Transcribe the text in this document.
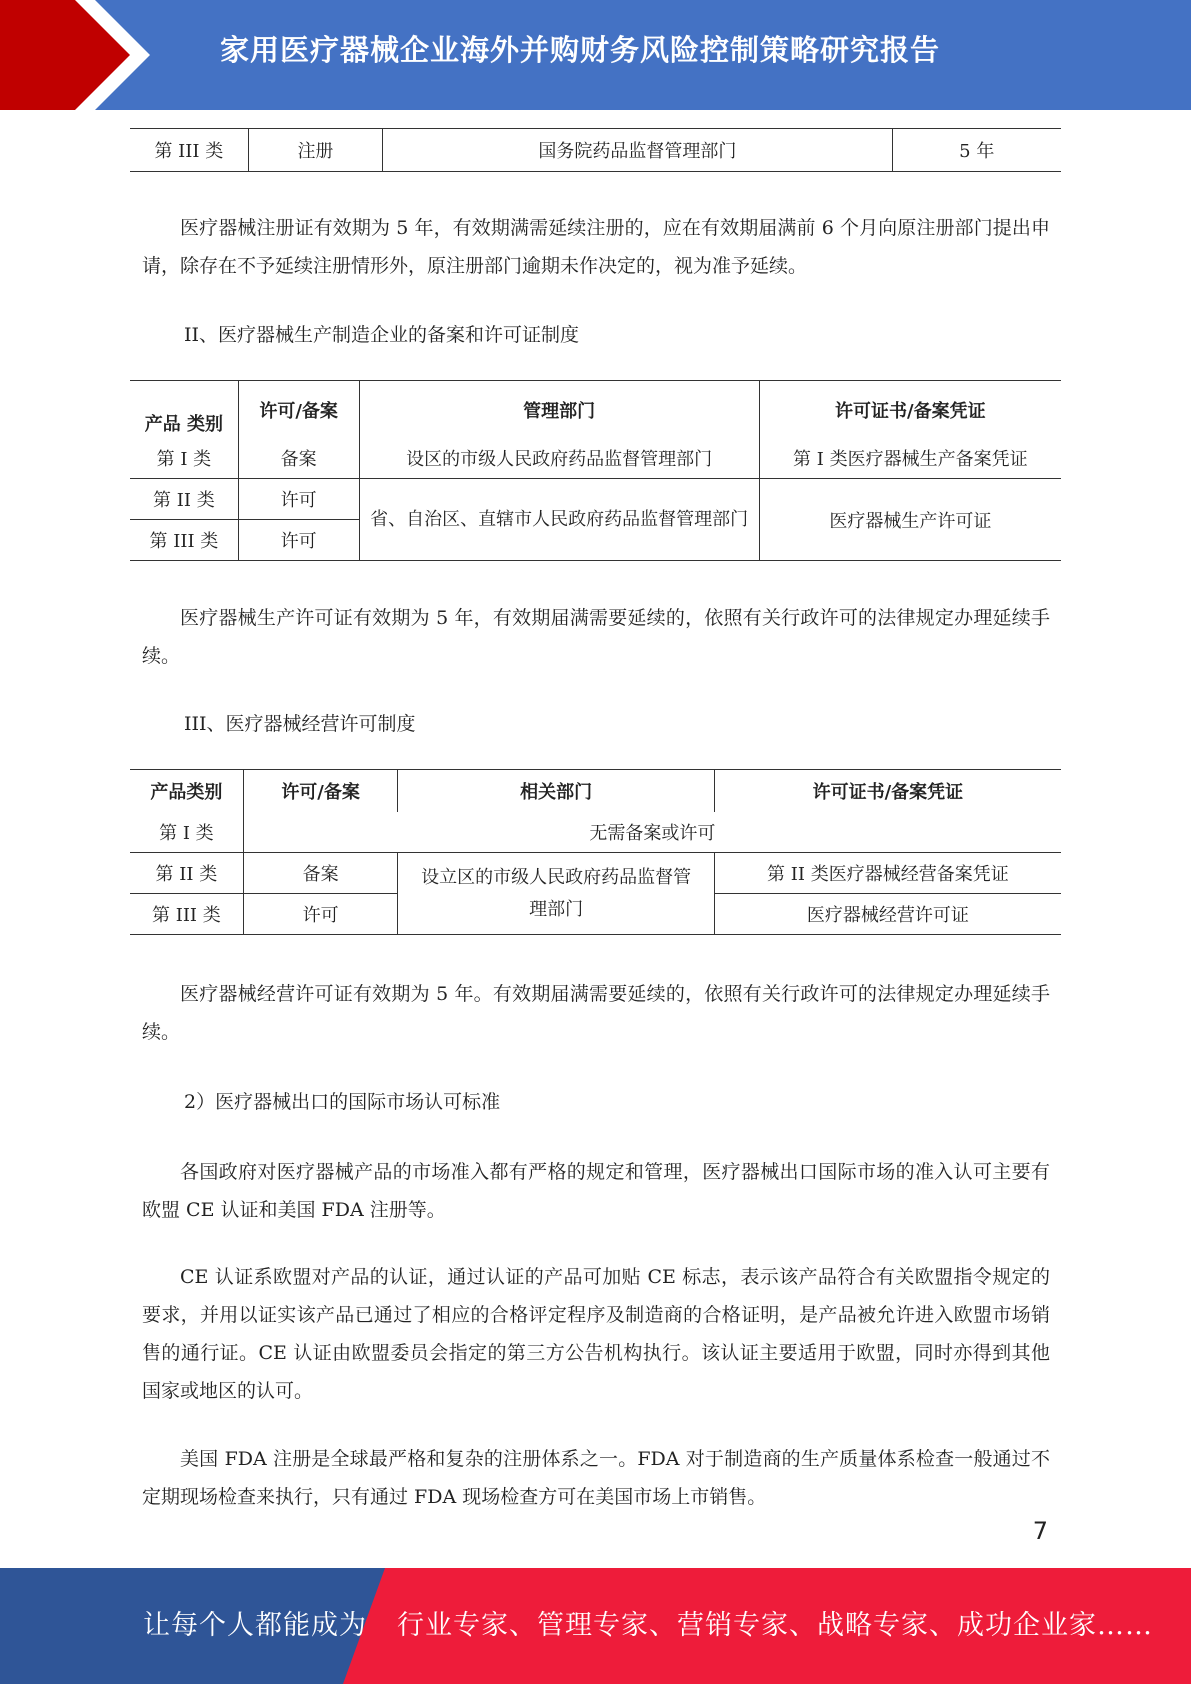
家用医疗器械企业海外并购财务风险控制策略研究报告
第 III 类	注册	国务院药品监督管理部门	5 年

医疗器械注册证有效期为 5 年，有效期满需延续注册的，应在有效期届满前 6 个月向原注册部门提出申请，除存在不予延续注册情形外，原注册部门逾期未作决定的，视为准予延续。

II、医疗器械生产制造企业的备案和许可证制度

产品 类别	许可/备案	管理部门	许可证书/备案凭证
第 I 类	备案	设区的市级人民政府药品监督管理部门	第 I 类医疗器械生产备案凭证
第 II 类	许可	省、自治区、直辖市人民政府药品监督管理部门	医疗器械生产许可证
第 III 类	许可		

医疗器械生产许可证有效期为 5 年，有效期届满需要延续的，依照有关行政许可的法律规定办理延续手续。

III、医疗器械经营许可制度

产品类别	许可/备案	相关部门	许可证书/备案凭证
第 I 类	无需备案或许可		
第 II 类	备案	设立区的市级人民政府药品监督管理部门	第 II 类医疗器械经营备案凭证
第 III 类	许可		医疗器械经营许可证

医疗器械经营许可证有效期为 5 年。有效期届满需要延续的，依照有关行政许可的法律规定办理延续手续。

2）医疗器械出口的国际市场认可标准

各国政府对医疗器械产品的市场准入都有严格的规定和管理，医疗器械出口国际市场的准入认可主要有欧盟 CE 认证和美国 FDA 注册等。

CE 认证系欧盟对产品的认证，通过认证的产品可加贴 CE 标志，表示该产品符合有关欧盟指令规定的要求，并用以证实该产品已通过了相应的合格评定程序及制造商的合格证明，是产品被允许进入欧盟市场销售的通行证。CE 认证由欧盟委员会指定的第三方公告机构执行。该认证主要适用于欧盟，同时亦得到其他国家或地区的认可。

美国 FDA 注册是全球最严格和复杂的注册体系之一。FDA 对于制造商的生产质量体系检查一般通过不定期现场检查来执行，只有通过 FDA 现场检查方可在美国市场上市销售。

7
让每个人都能成为 行业专家、管理专家、营销专家、战略专家、成功企业家……
